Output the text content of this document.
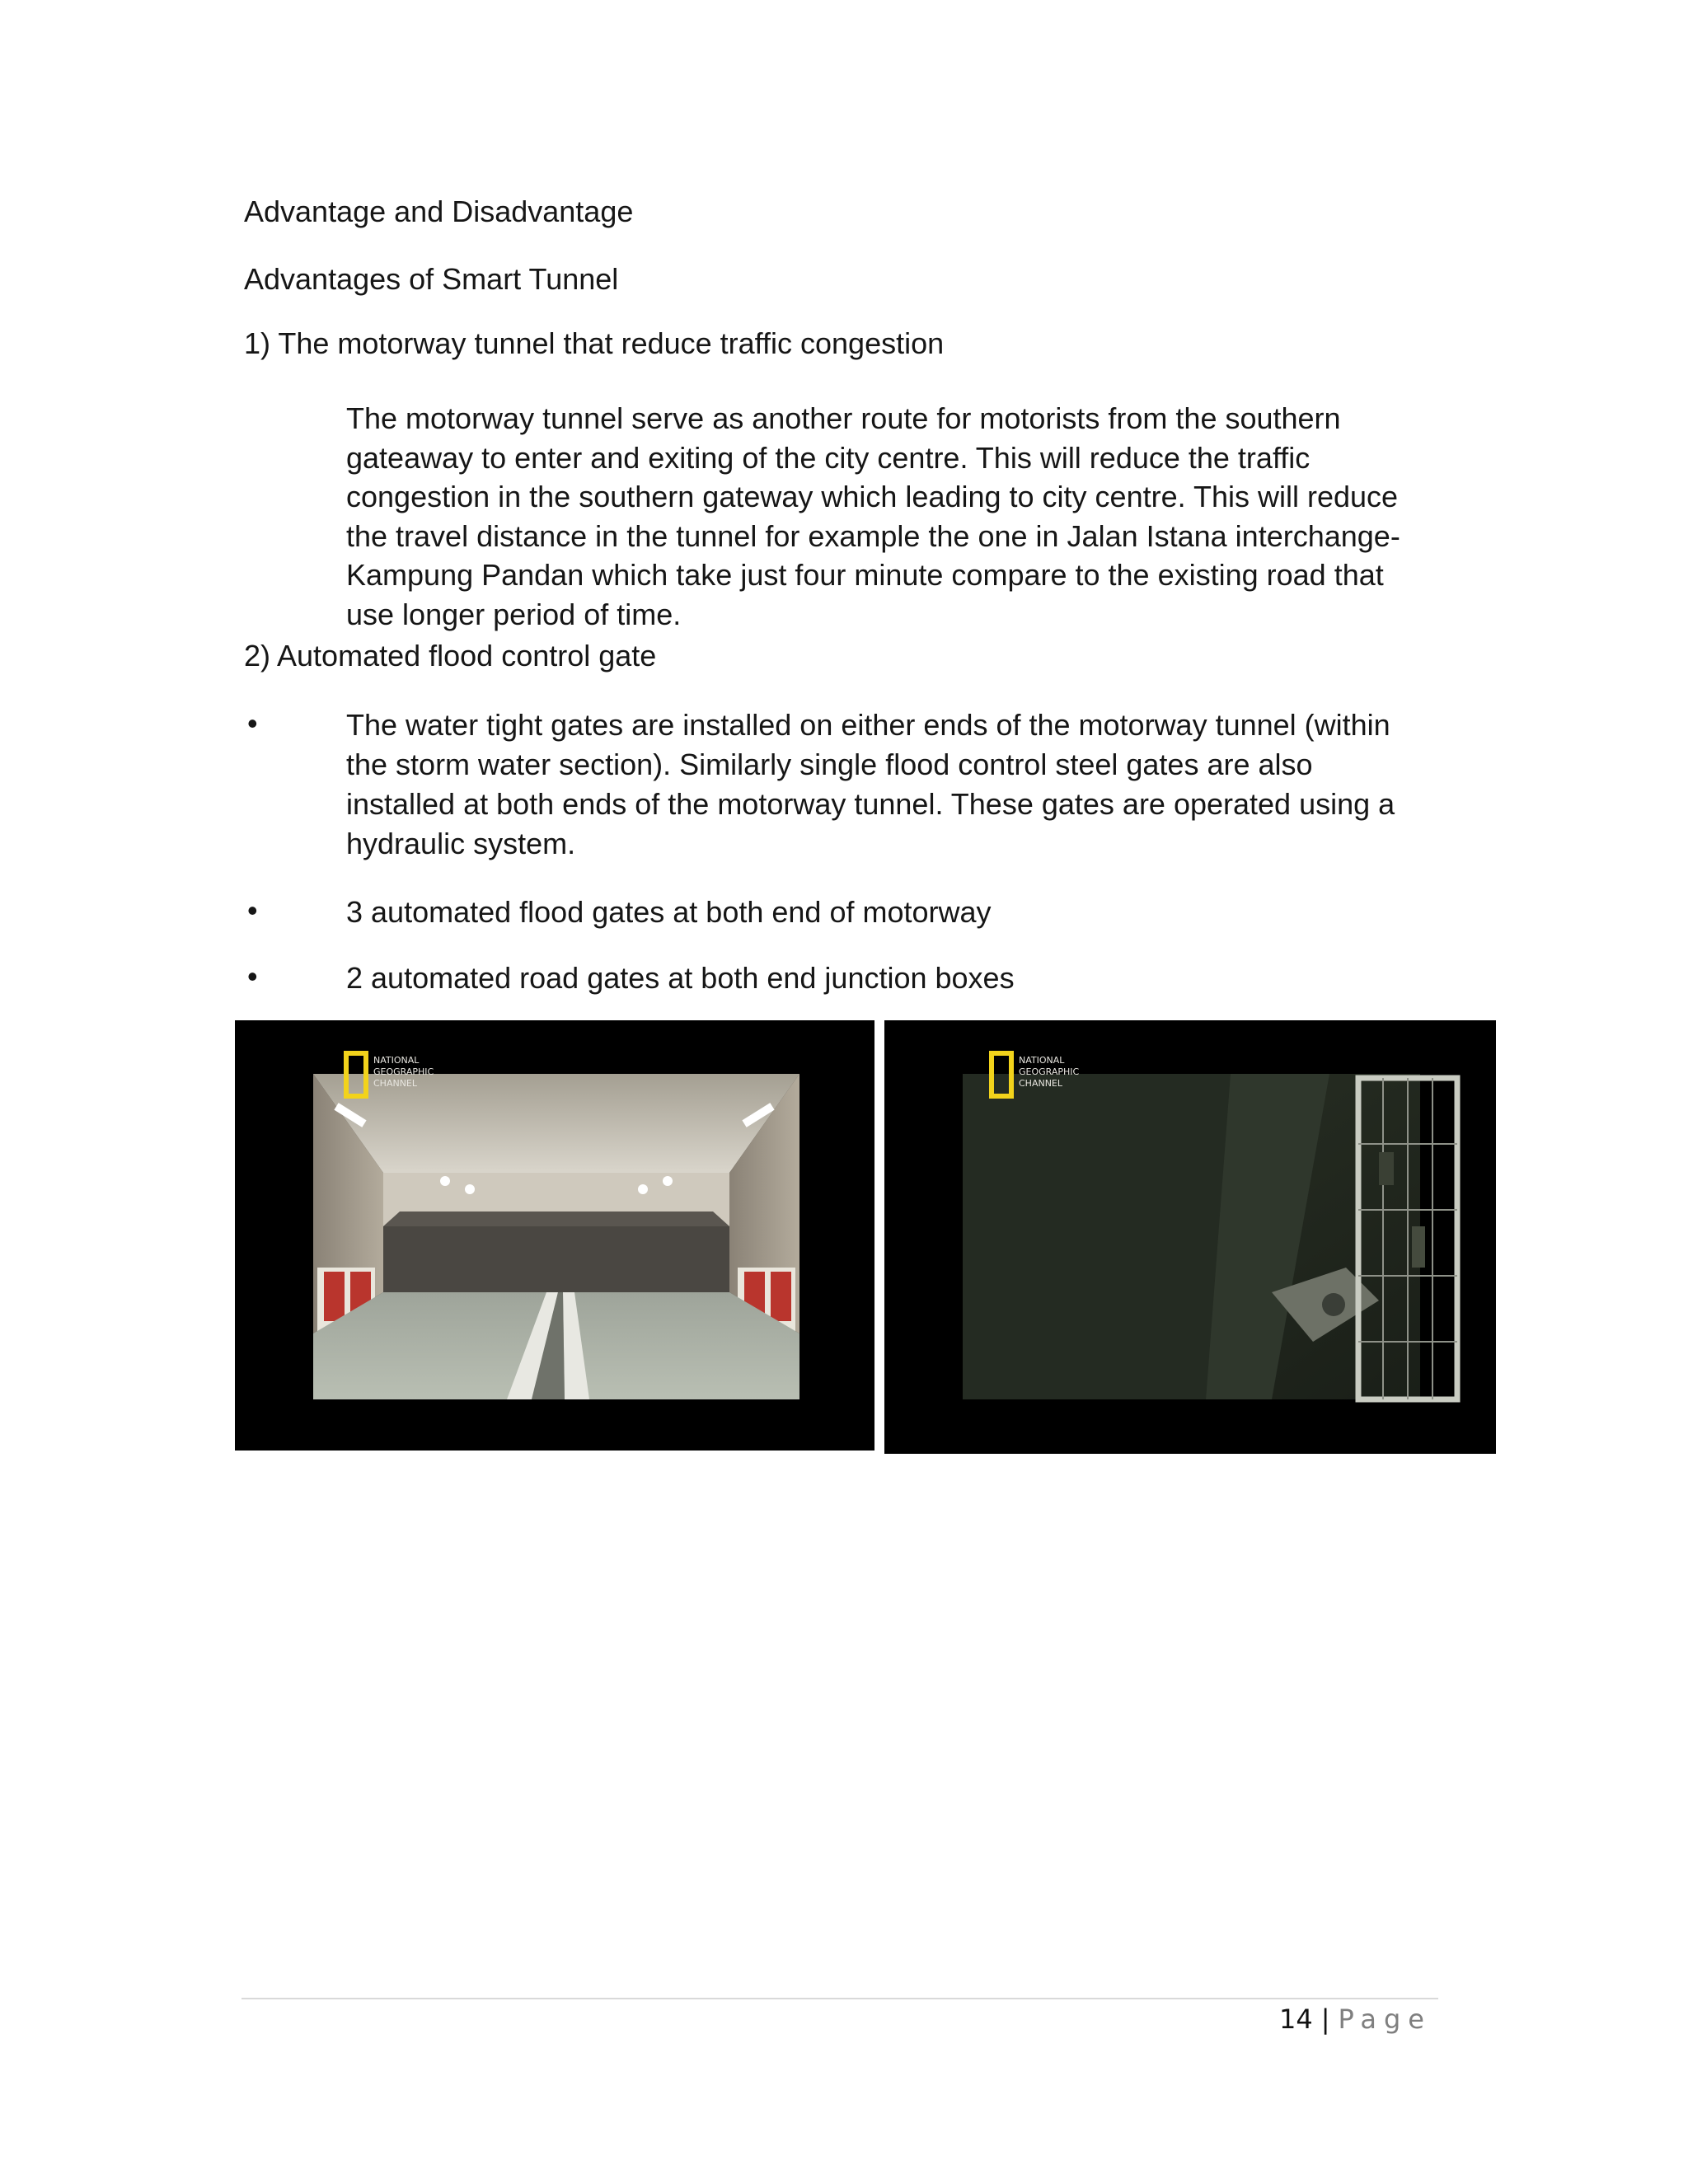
Advantage and Disadvantage
Advantages of Smart Tunnel
1) The motorway tunnel that reduce traffic congestion
The motorway tunnel serve as another route for motorists from the southern
gateaway to enter and exiting of the city centre. This will reduce the traffic
congestion in the southern gateway which leading to city centre. This will reduce
the travel distance in the tunnel for example the one in Jalan Istana interchange-
Kampung Pandan which take just four minute compare to the existing road that
use longer period of time.
2) Automated flood control gate
•	The water tight gates are installed on either ends of the motorway tunnel (within
the storm water section). Similarly single flood control steel gates are also
installed at both ends of the motorway tunnel. These gates are operated using a
hydraulic system.
•	3 automated flood gates at both end of motorway
•	2 automated road gates at both end junction boxes
NATIONAL
GEOGRAPHIC
CHANNEL
NATIONAL
GEOGRAPHIC
CHANNEL
14 | Page
